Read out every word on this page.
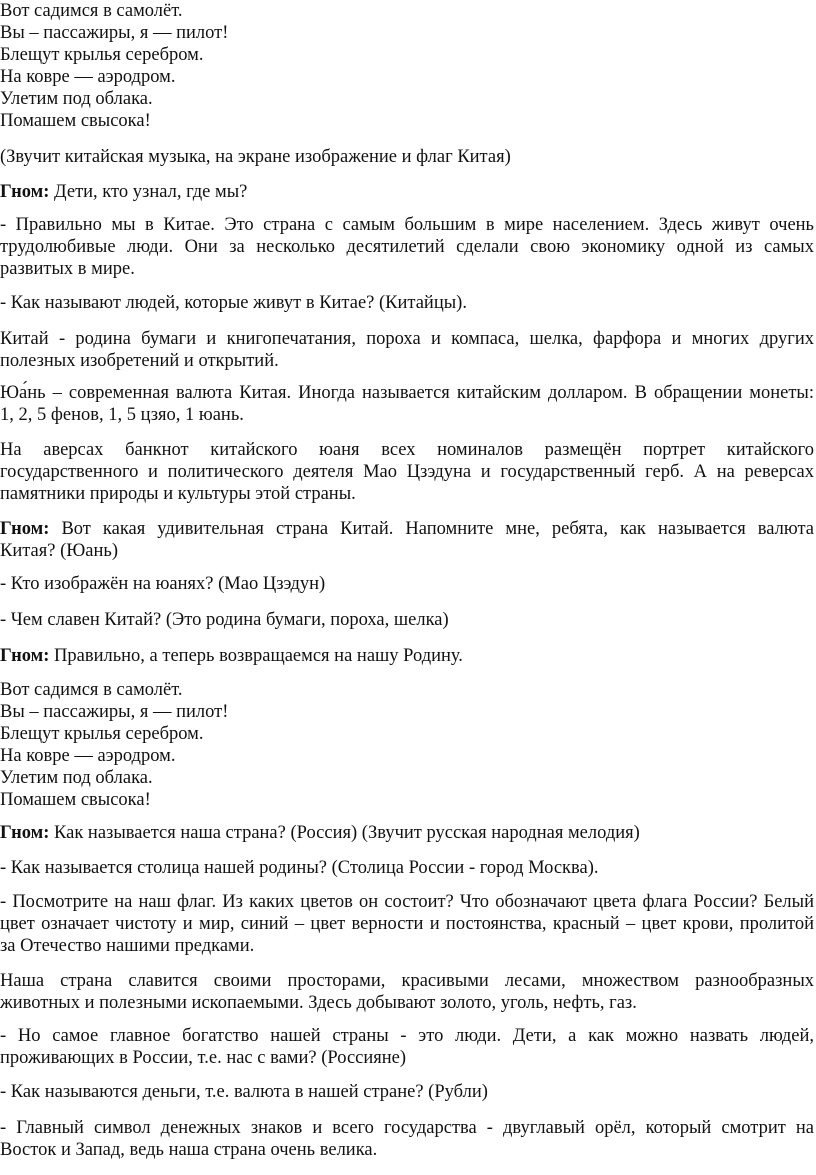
Вот садимся в самолёт.
Вы – пассажиры, я — пилот!
Блещут крылья серебром.
На ковре — аэродром.
Улетим под облака.
Помашем свысока!
(Звучит китайская музыка, на экране изображение и флаг Китая)
Гном: Дети, кто узнал, где мы?
- Правильно мы в Китае. Это страна с самым большим в мире населением. Здесь живут очень
трудолюбивые люди. Они за несколько десятилетий сделали свою экономику одной из самых
развитых в мире.
- Как называют людей, которые живут в Китае? (Китайцы).
Китай - родина бумаги и книгопечатания, пороха и компаса, шелка, фарфора и многих других
полезных изобретений и открытий.
Юа́нь – современная валюта Китая. Иногда называется китайским долларом. В обращении монеты:
1, 2, 5 фенов, 1, 5 цзяо, 1 юань.
На аверсах банкнот китайского юаня всех номиналов размещён портрет китайского
государственного и политического деятеля Мао Цзэдуна и государственный герб. А на реверсах
памятники природы и культуры этой страны.
Гном: Вот какая удивительная страна Китай. Напомните мне, ребята, как называется валюта
Китая? (Юань)
- Кто изображён на юанях? (Мао Цзэдун)
- Чем славен Китай? (Это родина бумаги, пороха, шелка)
Гном: Правильно, а теперь возвращаемся на нашу Родину.
Вот садимся в самолёт.
Вы – пассажиры, я — пилот!
Блещут крылья серебром.
На ковре — аэродром.
Улетим под облака.
Помашем свысока!
Гном: Как называется наша страна? (Россия) (Звучит русская народная мелодия)
- Как называется столица нашей родины? (Столица России - город Москва).
- Посмотрите на наш флаг. Из каких цветов он состоит? Что обозначают цвета флага России? Белый
цвет означает чистоту и мир, синий – цвет верности и постоянства, красный – цвет крови, пролитой
за Отечество нашими предками.
Наша страна славится своими просторами, красивыми лесами, множеством разнообразных
животных и полезными ископаемыми. Здесь добывают золото, уголь, нефть, газ.
- Но самое главное богатство нашей страны - это люди. Дети, а как можно назвать людей,
проживающих в России, т.е. нас с вами? (Россияне)
- Как называются деньги, т.е. валюта в нашей стране? (Рубли)
- Главный символ денежных знаков и всего государства - двуглавый орёл, который смотрит на
Восток и Запад, ведь наша страна очень велика.
